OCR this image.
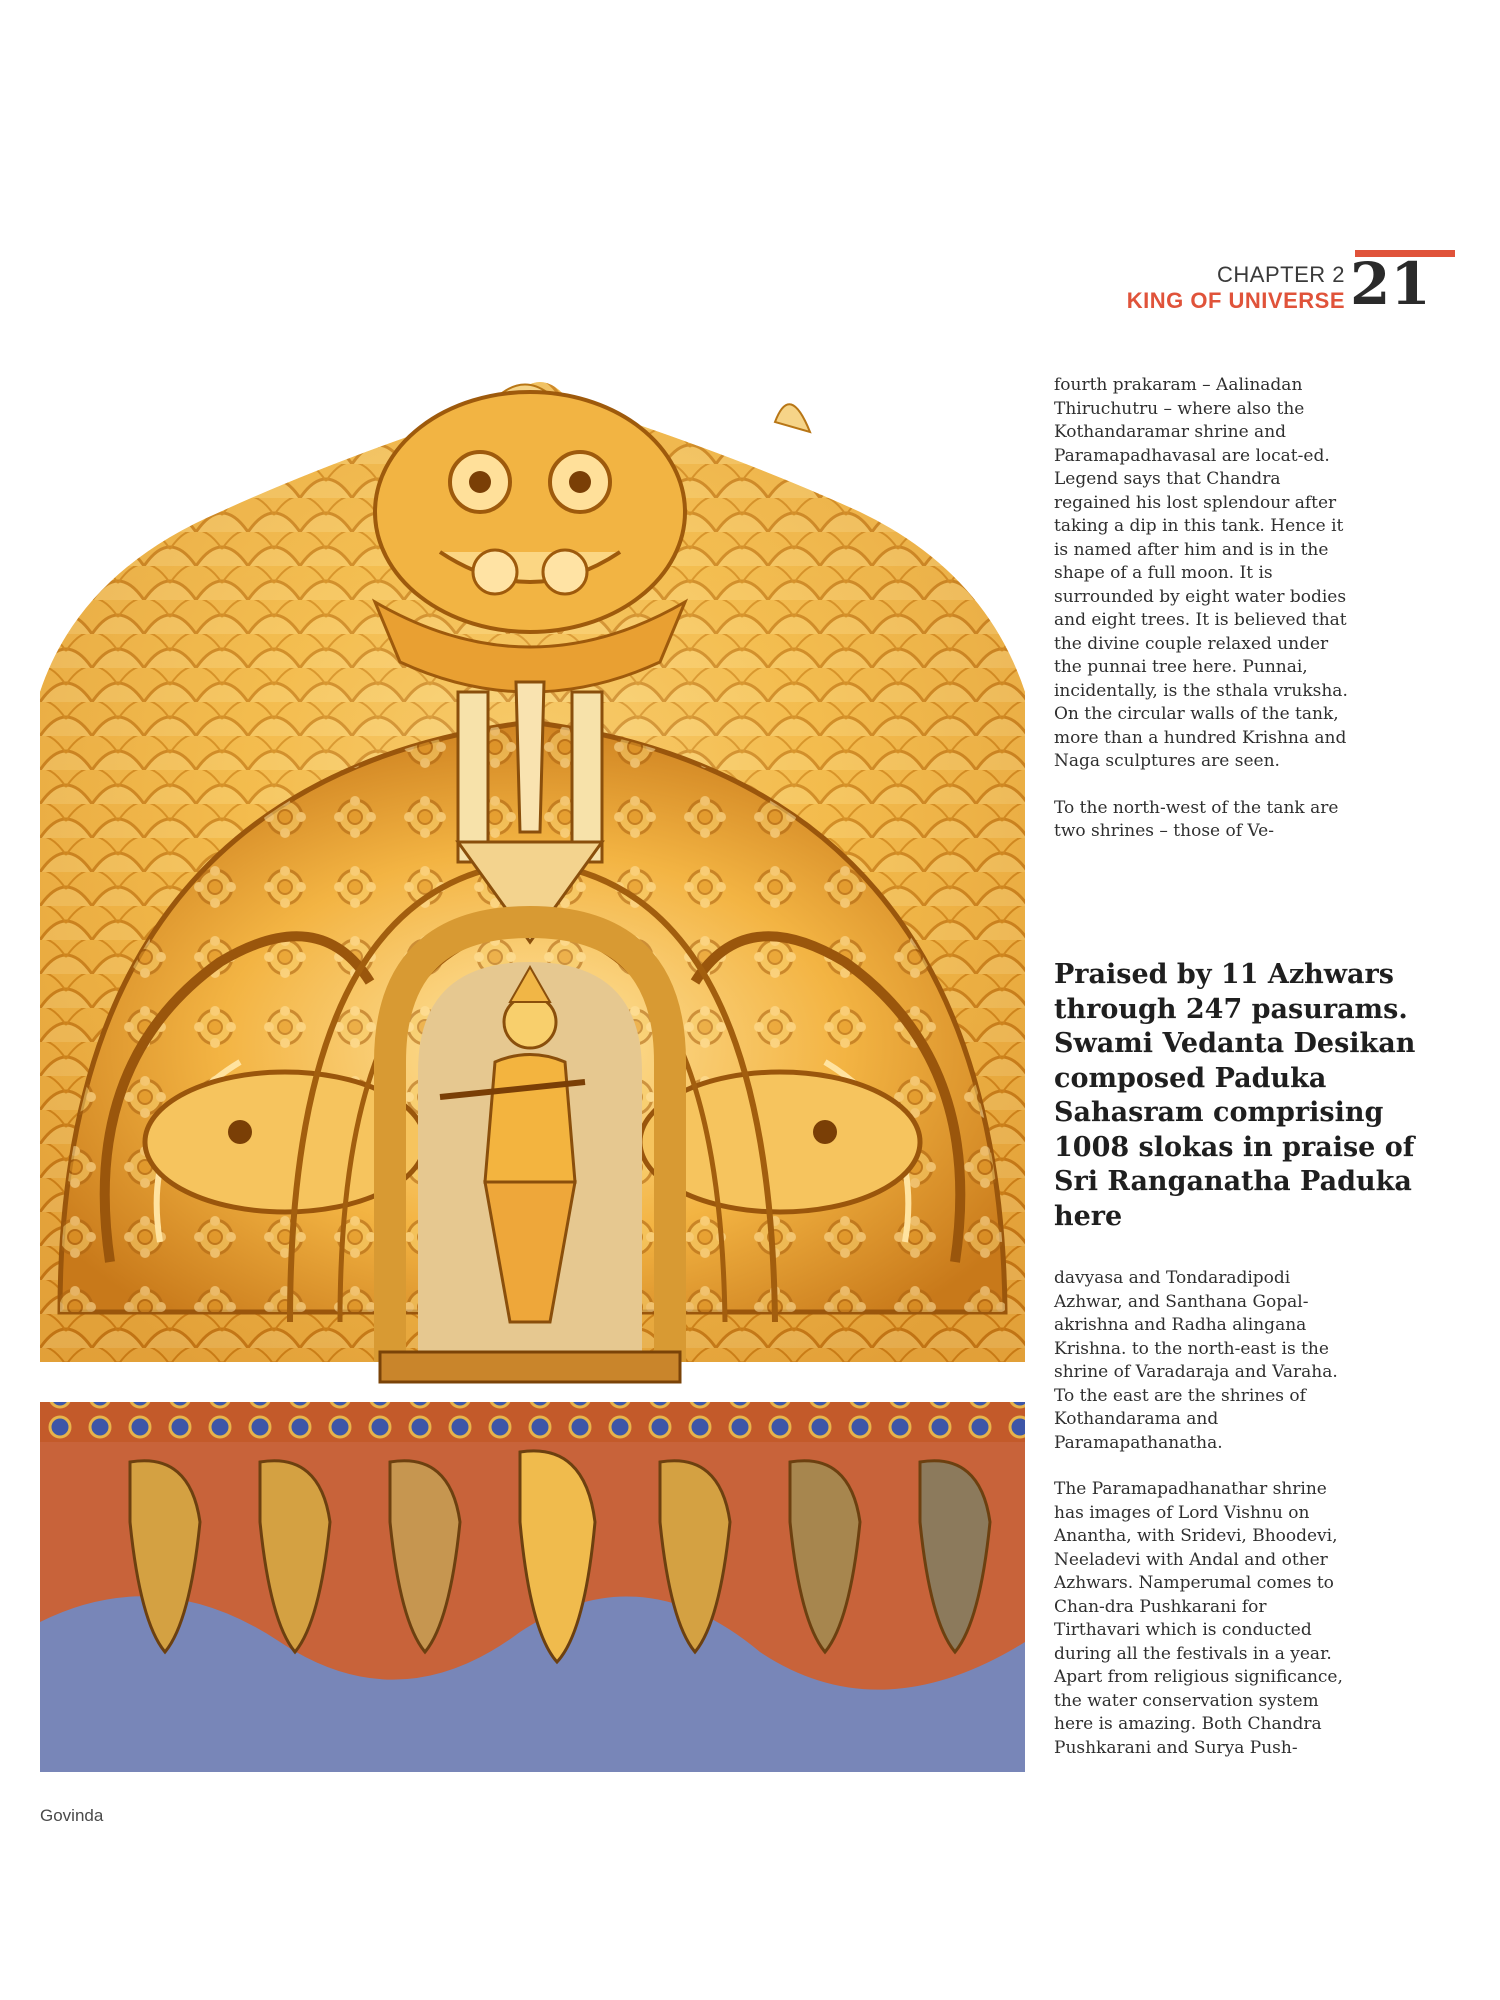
CHAPTER 2
KING OF UNIVERSE 21
Govinda

fourth prakaram – Aalinadan Thiruchutru – where also the Kothandaramar shrine and Paramapadhavasal are locat-ed. Legend says that Chandra regained his lost splendour after taking a dip in this tank. Hence it is named after him and is in the shape of a full moon. It is surrounded by eight water bodies and eight trees. It is believed that the divine couple relaxed under the punnai tree here. Punnai, incidentally, is the sthala vruksha. On the circular walls of the tank, more than a hundred Krishna and Naga sculptures are seen.

To the north-west of the tank are two shrines – those of Ve-

Praised by 11 Azhwars through 247 pasurams. Swami Vedanta Desikan composed Paduka Sahasram comprising 1008 slokas in praise of Sri Ranganatha Paduka here

davyasa and Tondaradipodi Azhwar, and Santhana Gopal-akrishna and Radha alingana Krishna. to the north-east is the shrine of Varadaraja and Varaha. To the east are the shrines of Kothandarama and Paramapathanatha.

The Paramapadhanathar shrine has images of Lord Vishnu on Anantha, with Sridevi, Bhoodevi, Neeladevi with Andal and other Azhwars. Namperumal comes to Chan-dra Pushkarani for Tirthavari which is conducted during all the festivals in a year. Apart from religious significance, the water conservation system here is amazing. Both Chandra Pushkarani and Surya Push-
